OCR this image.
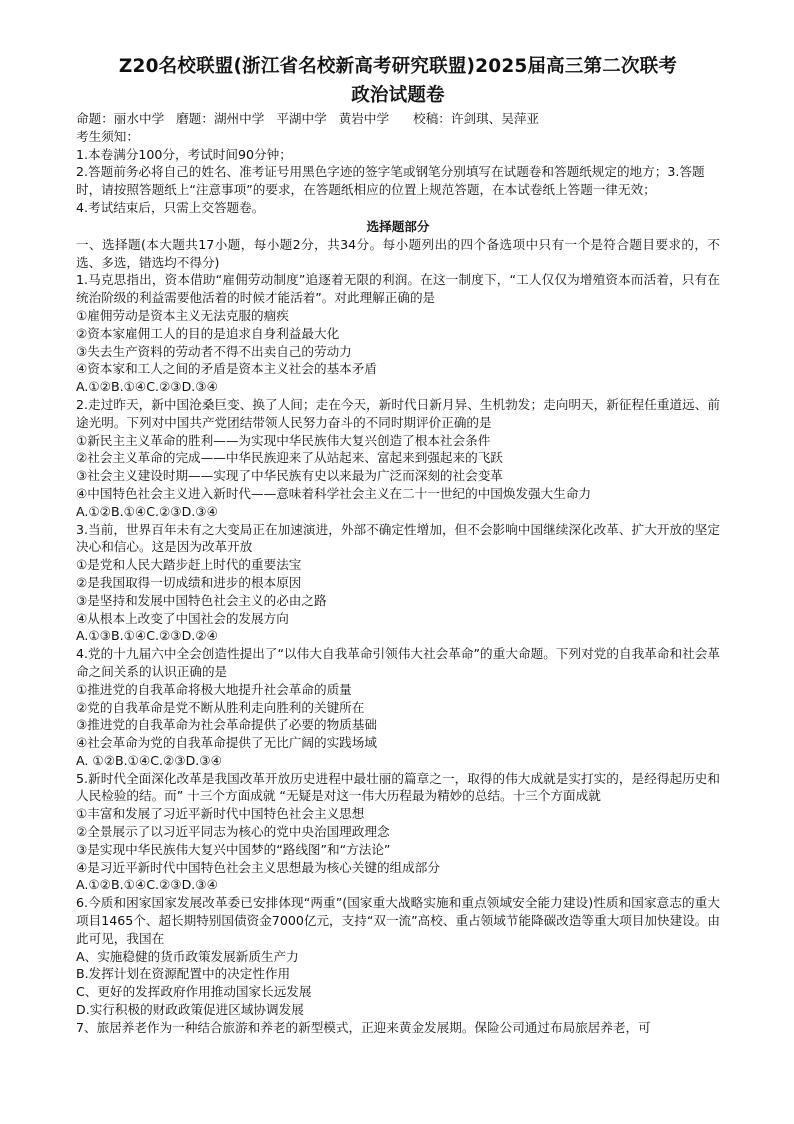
Z20名校联盟(浙江省名校新高考研究联盟)2025届高三第二次联考
政治试题卷
命题：丽水中学   磨题：湖州中学   平湖中学   黄岩中学      校稿：许剑琪、吴萍亚
考生须知：
1.本卷满分100分，考试时间90分钟；
2.答题前务必将自己的姓名、准考证号用黑色字迹的签字笔或钢笔分别填写在试题卷和答题纸规定的地方；3.答题时，请按照答题纸上“注意事项”的要求，在答题纸相应的位置上规范答题，在本试卷纸上答题一律无效；
4.考试结束后，只需上交答题卷。
选择题部分
一、选择题(本大题共17小题，每小题2分，共34分。每小题列出的四个备选项中只有一个是符合题目要求的，不选、多选，错选均不得分)
1.马克思指出，资本借助“雇佣劳动制度”追逐着无限的利润。在这一制度下，“工人仅仅为增殖资本而活着，只有在统治阶级的利益需要他活着的时候才能活着”。对此理解正确的是
①雇佣劳动是资本主义无法克服的痼疾
②资本家雇佣工人的目的是追求自身利益最大化
③失去生产资料的劳动者不得不出卖自己的劳动力
④资本家和工人之间的矛盾是资本主义社会的基本矛盾
A.①②B.①④C.②③D.③④
2.走过昨天，新中国沧桑巨变、换了人间；走在今天，新时代日新月异、生机勃发；走向明天，新征程任重道远、前途光明。下列对中国共产党团结带领人民努力奋斗的不同时期评价正确的是
①新民主主义革命的胜利——为实现中华民族伟大复兴创造了根本社会条件
②社会主义革命的完成——中华民族迎来了从站起来、富起来到强起来的飞跃
③社会主义建设时期——实现了中华民族有史以来最为广泛而深刻的社会变革
④中国特色社会主义进入新时代——意味着科学社会主义在二十一世纪的中国焕发强大生命力
A.①②B.①④C.②③D.③④
3.当前，世界百年未有之大变局正在加速演进，外部不确定性增加，但不会影响中国继续深化改革、扩大开放的坚定决心和信心。这是因为改革开放
①是党和人民大踏步赶上时代的重要法宝
②是我国取得一切成绩和进步的根本原因
③是坚持和发展中国特色社会主义的必由之路
④从根本上改变了中国社会的发展方向
A.①③B.①④C.②③D.②④
4.党的十九届六中全会创造性提出了“以伟大自我革命引领伟大社会革命”的重大命题。下列对党的自我革命和社会革命之间关系的认识正确的是
①推进党的自我革命将极大地提升社会革命的质量
②党的自我革命是党不断从胜利走向胜利的关键所在
③推进党的自我革命为社会革命提供了必要的物质基础
④社会革命为党的自我革命提供了无比广阔的实践场域
A. ①②B.①④C.②③D.③④
5.新时代全面深化改革是我国改革开放历史进程中最壮丽的篇章之一，取得的伟大成就是实打实的，是经得起历史和人民检验的结。而” 十三个方面成就 “无疑是对这一伟大历程最为精妙的总结。十三个方面成就
①丰富和发展了习近平新时代中国特色社会主义思想
②全景展示了以习近平同志为核心的党中央治国理政理念
③是实现中华民族伟大复兴中国梦的“路线图”和“方法论”
④是习近平新时代中国特色社会主义思想最为核心关键的组成部分
A.①②B.①④C.②③D.③④
6.今质和困家国家发展改革委已安排体现“两重”(国家重大战略实施和重点领域安全能力建设)性质和国家意志的重大项目1465个、超长期特别国债资金7000亿元，支持“双一流”高校、重占领域节能降碳改造等重大项目加快建设。由此可见，我国在
A、实施稳健的货币政策发展新质生产力
B.发挥计划在资源配置中的决定性作用
C、更好的发挥政府作用推动国家长远发展
D.实行积极的财政政策促进区域协调发展
7、旅居养老作为一种结合旅游和养老的新型模式，正迎来黄金发展期。保险公司通过布局旅居养老，可
